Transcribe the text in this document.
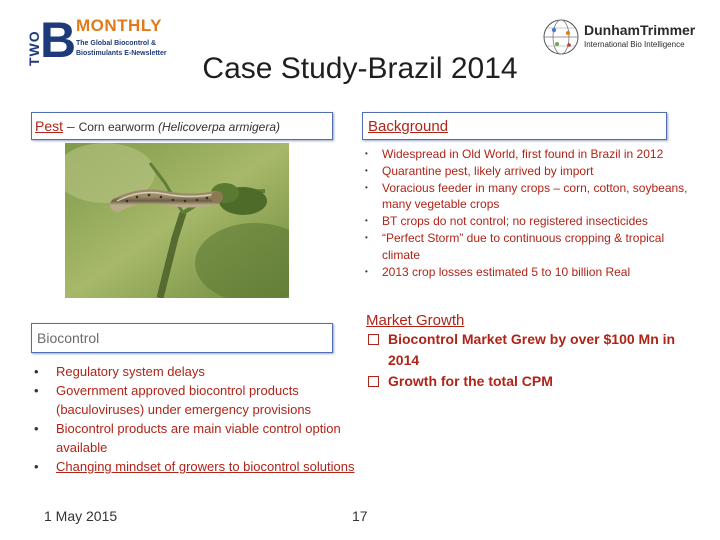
TWO
B MONTHLY
The Global Biocontrol &
Biostimulants E-Newsletter
DunhamTrimmer
International Bio Intelligence
Case Study-Brazil 2014
Pest – Corn earworm (Helicoverpa armigera)	Background
• Widespread in Old World, first found in Brazil in 2012
• Quarantine pest, likely arrived by import
• Voracious feeder in many crops – corn, cotton, soybeans, many vegetable crops
• BT crops do not control; no registered insecticides
• “Perfect Storm” due to continuous cropping & tropical climate
• 2013 crop losses estimated 5 to 10 billion Real
Market Growth
Biocontrol Market Grew by over $100 Mn in 2014
Growth for the total CPM
Biocontrol
• Regulatory system delays
• Government approved biocontrol products (baculoviruses) under emergency provisions
• Biocontrol products are main viable control option available
• Changing mindset of growers to biocontrol solutions
1 May 2015	17
